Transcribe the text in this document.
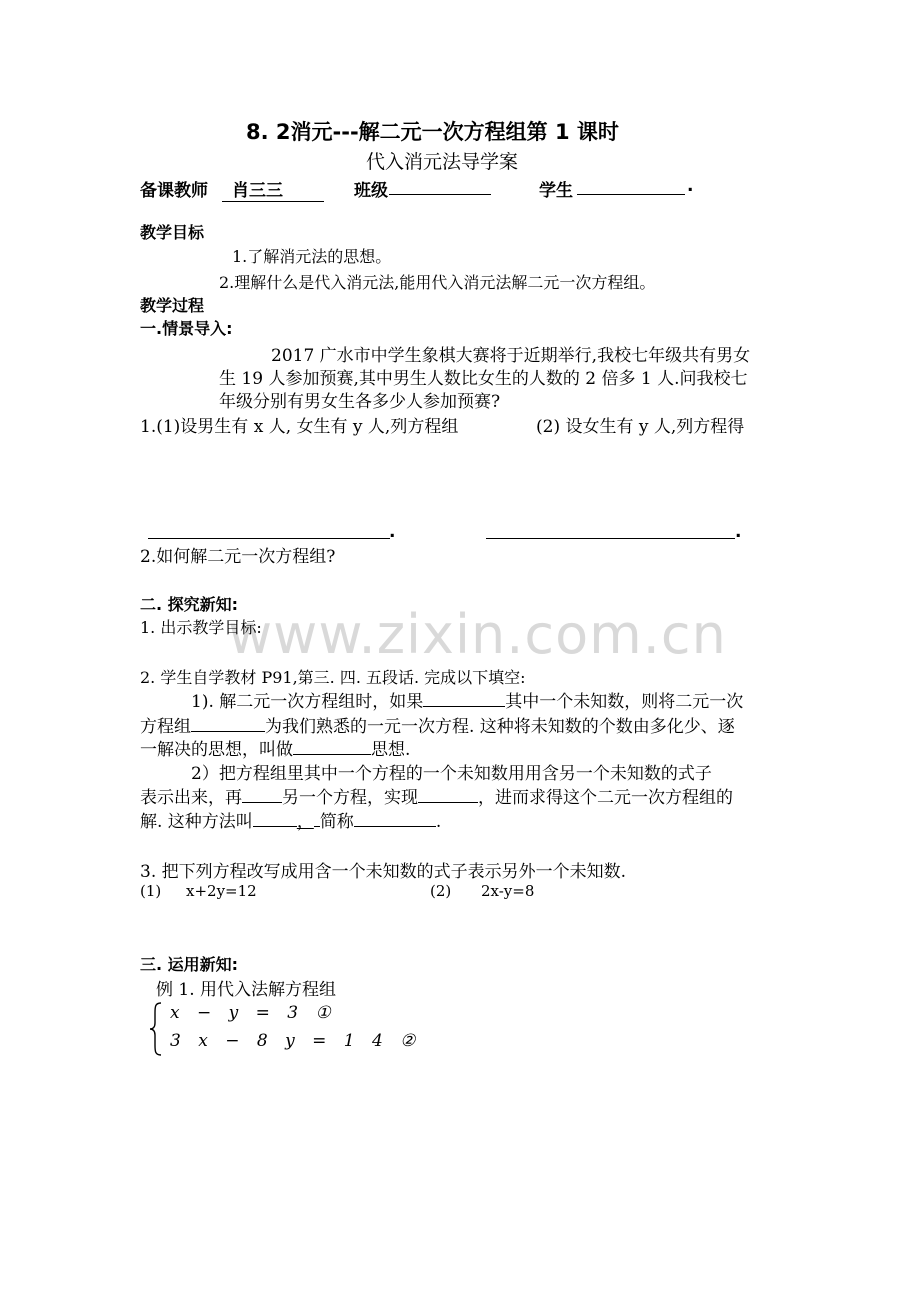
8. 2消元---解二元一次方程组第 1 课时
代入消元法导学案
备课教师	肖三三	班级	学生	.
教学目标
1.了解消元法的思想。
2.理解什么是代入消元法,能用代入消元法解二元一次方程组。
教学过程
一.情景导入:
2017 广水市中学生象棋大赛将于近期举行,我校七年级共有男女
生 19 人参加预赛,其中男生人数比女生的人数的 2 倍多 1 人.问我校七
年级分别有男女生各多少人参加预赛?
1.(1)设男生有 x 人, 女生有 y 人,列方程组	(2) 设女生有 y 人,列方程得
.	.
2.如何解二元一次方程组?
www.zixin.com.cn
二. 探究新知:
1. 出示教学目标:
2. 学生自学教材 P91,第三. 四. 五段话. 完成以下填空:
1). 解二元一次方程组时，如果	其中一个未知数，则将二元一次
方程组	为我们熟悉的一元一次方程. 这种将未知数的个数由多化少、逐
一解决的思想，叫做	思想.
2）把方程组里其中一个方程的一个未知数用用含另一个未知数的式子
表示出来，再 另一个方程，实现	，进而求得这个二元一次方程组的
解. 这种方法叫	， 简称	.
3. 把下列方程改写成用含一个未知数的式子表示另外一个未知数.
(1) x+2y=12	(2) 2x-y=8
三. 运用新知:
例 1. 用代入法解方程组
x − y = 3 ①
3 x − 8 y = 1 4 ②
